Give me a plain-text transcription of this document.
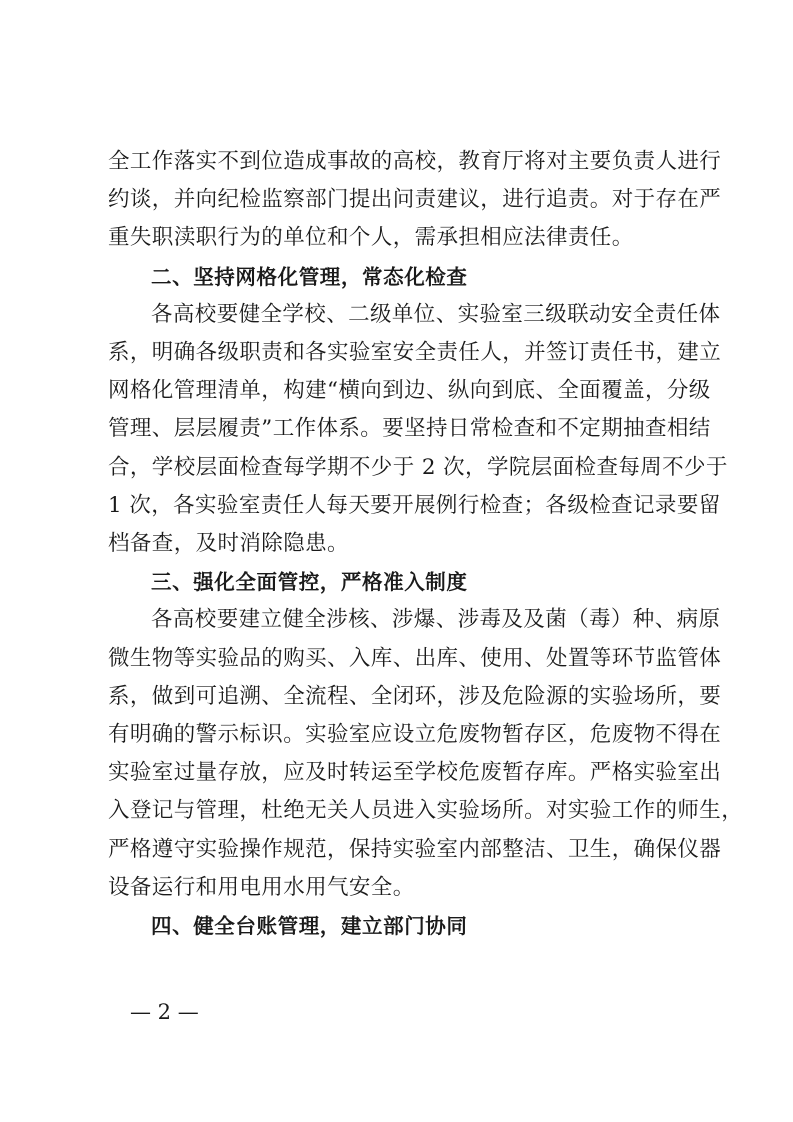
全工作落实不到位造成事故的高校，教育厅将对主要负责人进行
约谈，并向纪检监察部门提出问责建议，进行追责。对于存在严
重失职渎职行为的单位和个人，需承担相应法律责任。
二、坚持网格化管理，常态化检查
各高校要健全学校、二级单位、实验室三级联动安全责任体
系，明确各级职责和各实验室安全责任人，并签订责任书，建立
网格化管理清单，构建“横向到边、纵向到底、全面覆盖，分级
管理、层层履责”工作体系。要坚持日常检查和不定期抽查相结
合，学校层面检查每学期不少于 2 次，学院层面检查每周不少于
1 次，各实验室责任人每天要开展例行检查；各级检查记录要留
档备查，及时消除隐患。
三、强化全面管控，严格准入制度
各高校要建立健全涉核、涉爆、涉毒及及菌（毒）种、病原
微生物等实验品的购买、入库、出库、使用、处置等环节监管体
系，做到可追溯、全流程、全闭环，涉及危险源的实验场所，要
有明确的警示标识。实验室应设立危废物暂存区，危废物不得在
实验室过量存放，应及时转运至学校危废暂存库。严格实验室出
入登记与管理，杜绝无关人员进入实验场所。对实验工作的师生，
严格遵守实验操作规范，保持实验室内部整洁、卫生，确保仪器
设备运行和用电用水用气安全。
四、健全台账管理，建立部门协同
— 2 —
